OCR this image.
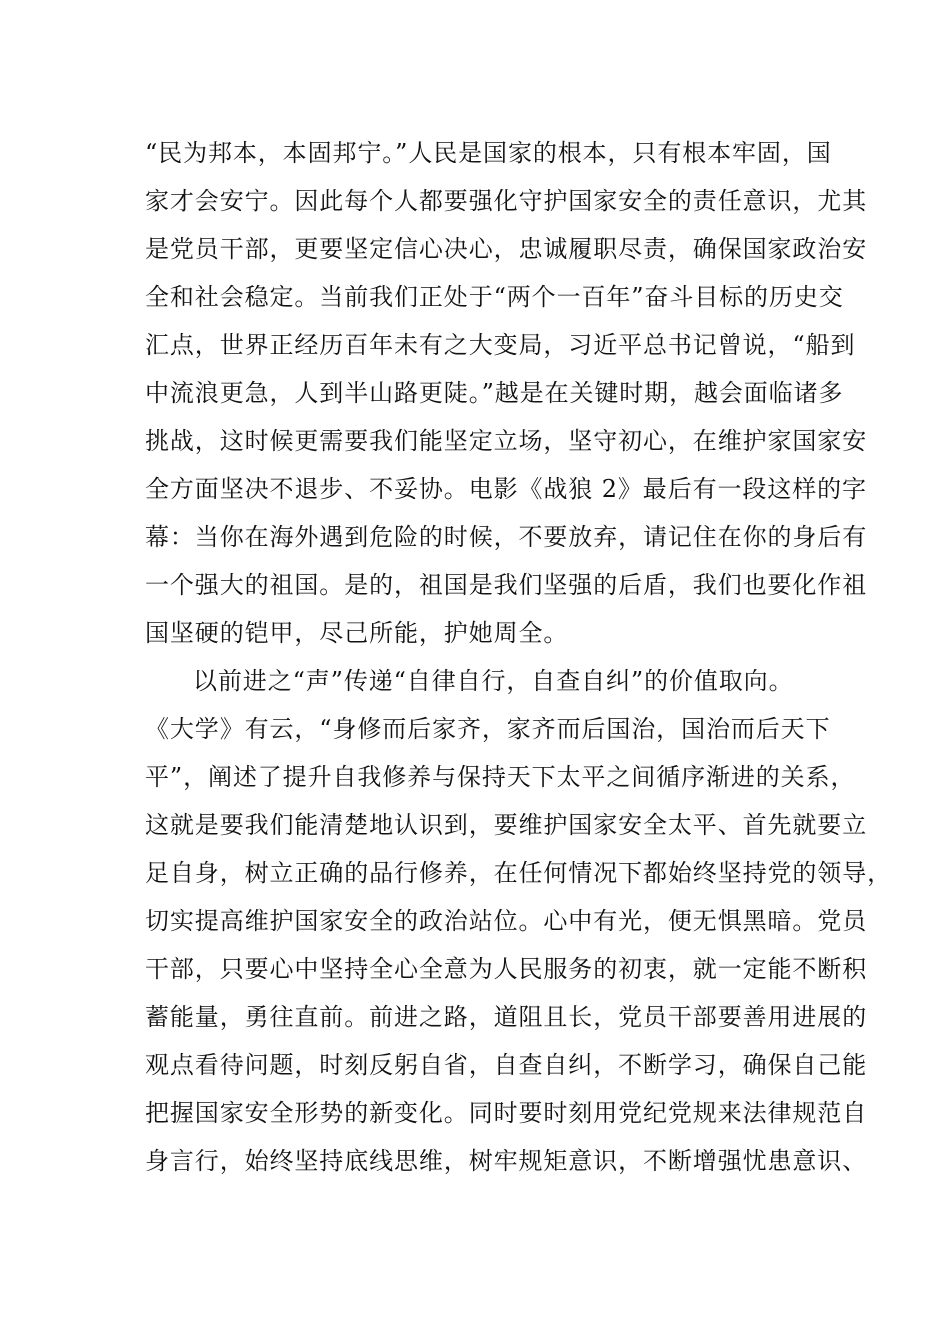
“民为邦本，本固邦宁。”人民是国家的根本，只有根本牢固，国
家才会安宁。因此每个人都要强化守护国家安全的责任意识，尤其
是党员干部，更要坚定信心决心，忠诚履职尽责，确保国家政治安
全和社会稳定。当前我们正处于“两个一百年”奋斗目标的历史交
汇点，世界正经历百年未有之大变局，习近平总书记曾说，“船到
中流浪更急，人到半山路更陡。”越是在关键时期，越会面临诸多
挑战，这时候更需要我们能坚定立场，坚守初心，在维护家国家安
全方面坚决不退步、不妥协。电影《战狼 2》最后有一段这样的字
幕：当你在海外遇到危险的时候，不要放弃，请记住在你的身后有
一个强大的祖国。是的，祖国是我们坚强的后盾，我们也要化作祖
国坚硬的铠甲，尽己所能，护她周全。
以前进之“声”传递“自律自行，自查自纠”的价值取向。
《大学》有云，“身修而后家齐，家齐而后国治，国治而后天下
平”，阐述了提升自我修养与保持天下太平之间循序渐进的关系，
这就是要我们能清楚地认识到，要维护国家安全太平、首先就要立
足自身，树立正确的品行修养，在任何情况下都始终坚持党的领导，
切实提高维护国家安全的政治站位。心中有光，便无惧黑暗。党员
干部，只要心中坚持全心全意为人民服务的初衷，就一定能不断积
蓄能量，勇往直前。前进之路，道阻且长，党员干部要善用进展的
观点看待问题，时刻反躬自省，自查自纠，不断学习，确保自己能
把握国家安全形势的新变化。同时要时刻用党纪党规来法律规范自
身言行，始终坚持底线思维，树牢规矩意识，不断增强忧患意识、
